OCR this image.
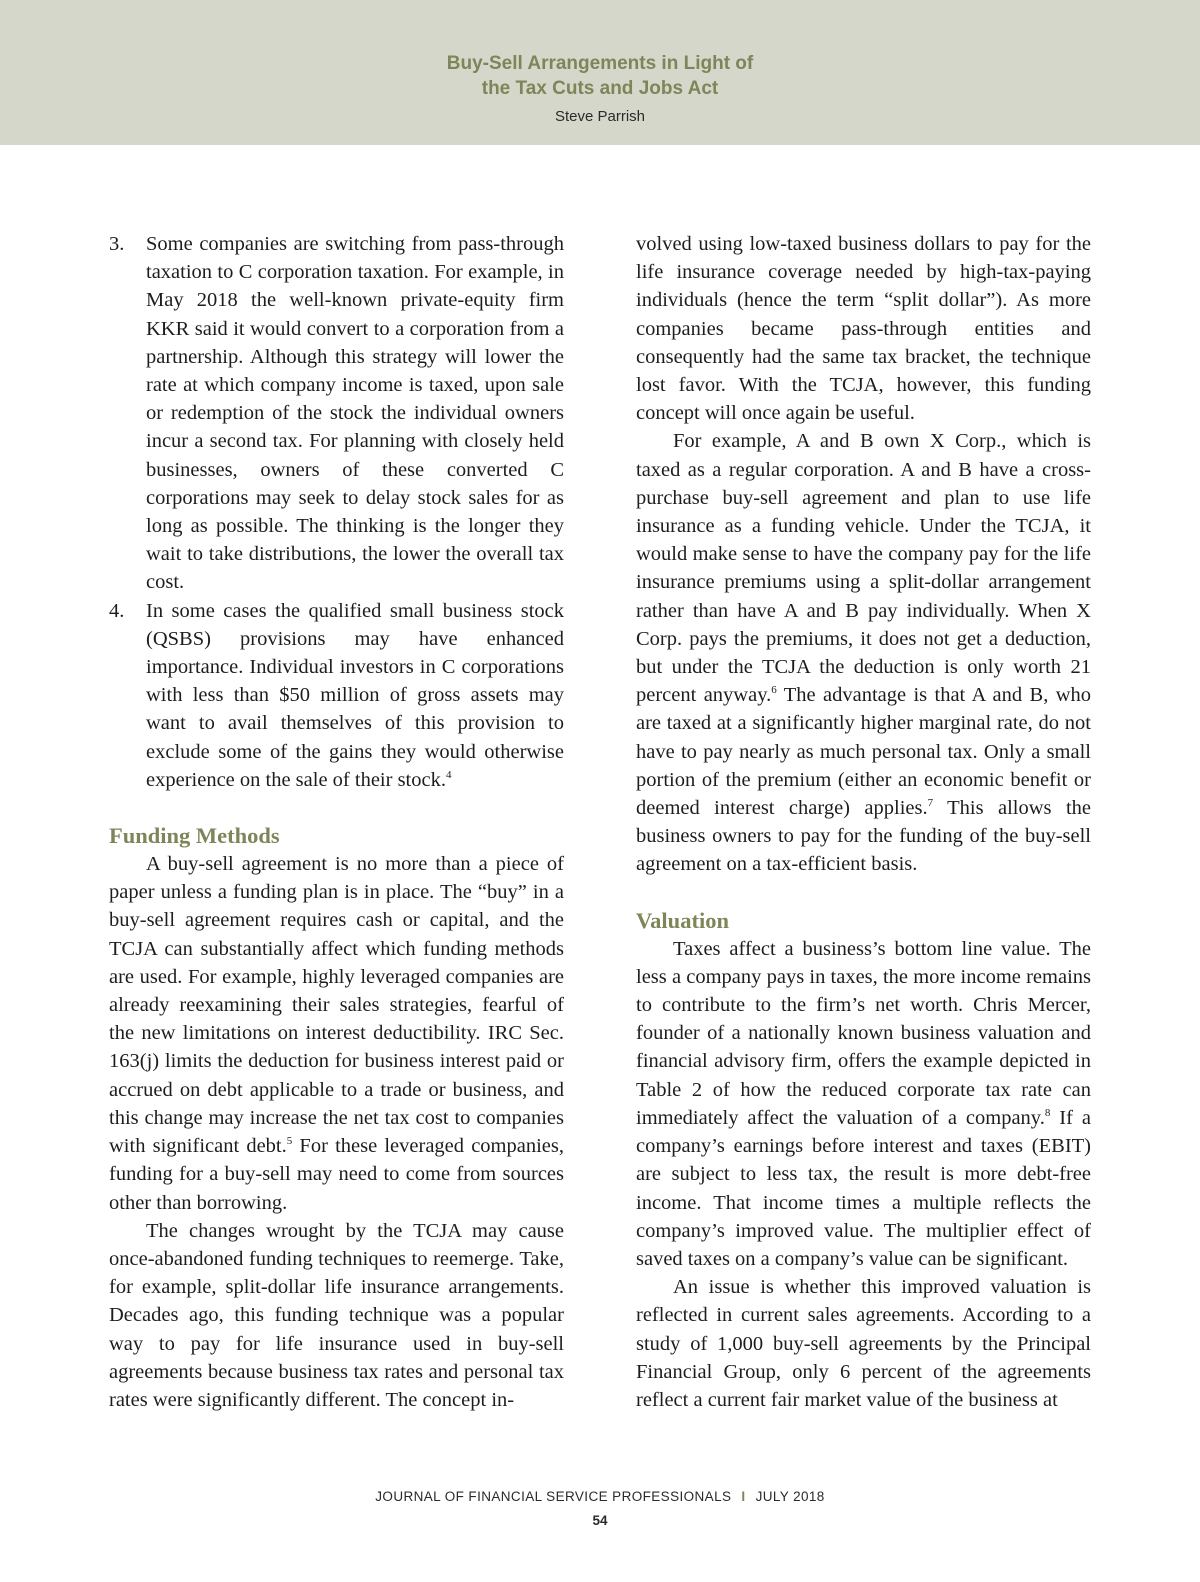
Buy-Sell Arrangements in Light of
the Tax Cuts and Jobs Act
Steve Parrish
3. Some companies are switching from pass-through taxation to C corporation taxation. For example, in May 2018 the well-known private-equity firm KKR said it would convert to a corporation from a partnership. Although this strategy will lower the rate at which company income is taxed, upon sale or redemption of the stock the individual owners incur a second tax. For planning with closely held businesses, owners of these converted C corporations may seek to delay stock sales for as long as possible. The thinking is the longer they wait to take distributions, the lower the overall tax cost.

4. In some cases the qualified small business stock (QSBS) provisions may have enhanced importance. Individual investors in C corporations with less than $50 million of gross assets may want to avail themselves of this provision to exclude some of the gains they would otherwise experience on the sale of their stock.$^4$

Funding Methods

A buy-sell agreement is no more than a piece of paper unless a funding plan is in place. The “buy” in a buy-sell agreement requires cash or capital, and the TCJA can substantially affect which funding methods are used. For example, highly leveraged companies are already reexamining their sales strategies, fearful of the new limitations on interest deductibility. IRC Sec. 163(j) limits the deduction for business interest paid or accrued on debt applicable to a trade or business, and this change may increase the net tax cost to companies with significant debt.$^5$ For these leveraged companies, funding for a buy-sell may need to come from sources other than borrowing.

The changes wrought by the TCJA may cause once-abandoned funding techniques to reemerge. Take, for example, split-dollar life insurance arrangements. Decades ago, this funding technique was a popular way to pay for life insurance used in buy-sell agreements because business tax rates and personal tax rates were significantly different. The concept in-

volved using low-taxed business dollars to pay for the life insurance coverage needed by high-tax-paying individuals (hence the term “split dollar”). As more companies became pass-through entities and consequently had the same tax bracket, the technique lost favor. With the TCJA, however, this funding concept will once again be useful.

For example, A and B own X Corp., which is taxed as a regular corporation. A and B have a cross-purchase buy-sell agreement and plan to use life insurance as a funding vehicle. Under the TCJA, it would make sense to have the company pay for the life insurance premiums using a split-dollar arrangement rather than have A and B pay individually. When X Corp. pays the premiums, it does not get a deduction, but under the TCJA the deduction is only worth 21 percent anyway.$^6$ The advantage is that A and B, who are taxed at a significantly higher marginal rate, do not have to pay nearly as much personal tax. Only a small portion of the premium (either an economic benefit or deemed interest charge) applies.$^7$ This allows the business owners to pay for the funding of the buy-sell agreement on a tax-efficient basis.

Valuation

Taxes affect a business’s bottom line value. The less a company pays in taxes, the more income remains to contribute to the firm’s net worth. Chris Mercer, founder of a nationally known business valuation and financial advisory firm, offers the example depicted in Table 2 of how the reduced corporate tax rate can immediately affect the valuation of a company.$^8$ If a company’s earnings before interest and taxes (EBIT) are subject to less tax, the result is more debt-free income. That income times a multiple reflects the company’s improved value. The multiplier effect of saved taxes on a company’s value can be significant.

An issue is whether this improved valuation is reflected in current sales agreements. According to a study of 1,000 buy-sell agreements by the Principal Financial Group, only 6 percent of the agreements reflect a current fair market value of the business at

JOURNAL OF FINANCIAL SERVICE PROFESSIONALS I JULY 2018
54
